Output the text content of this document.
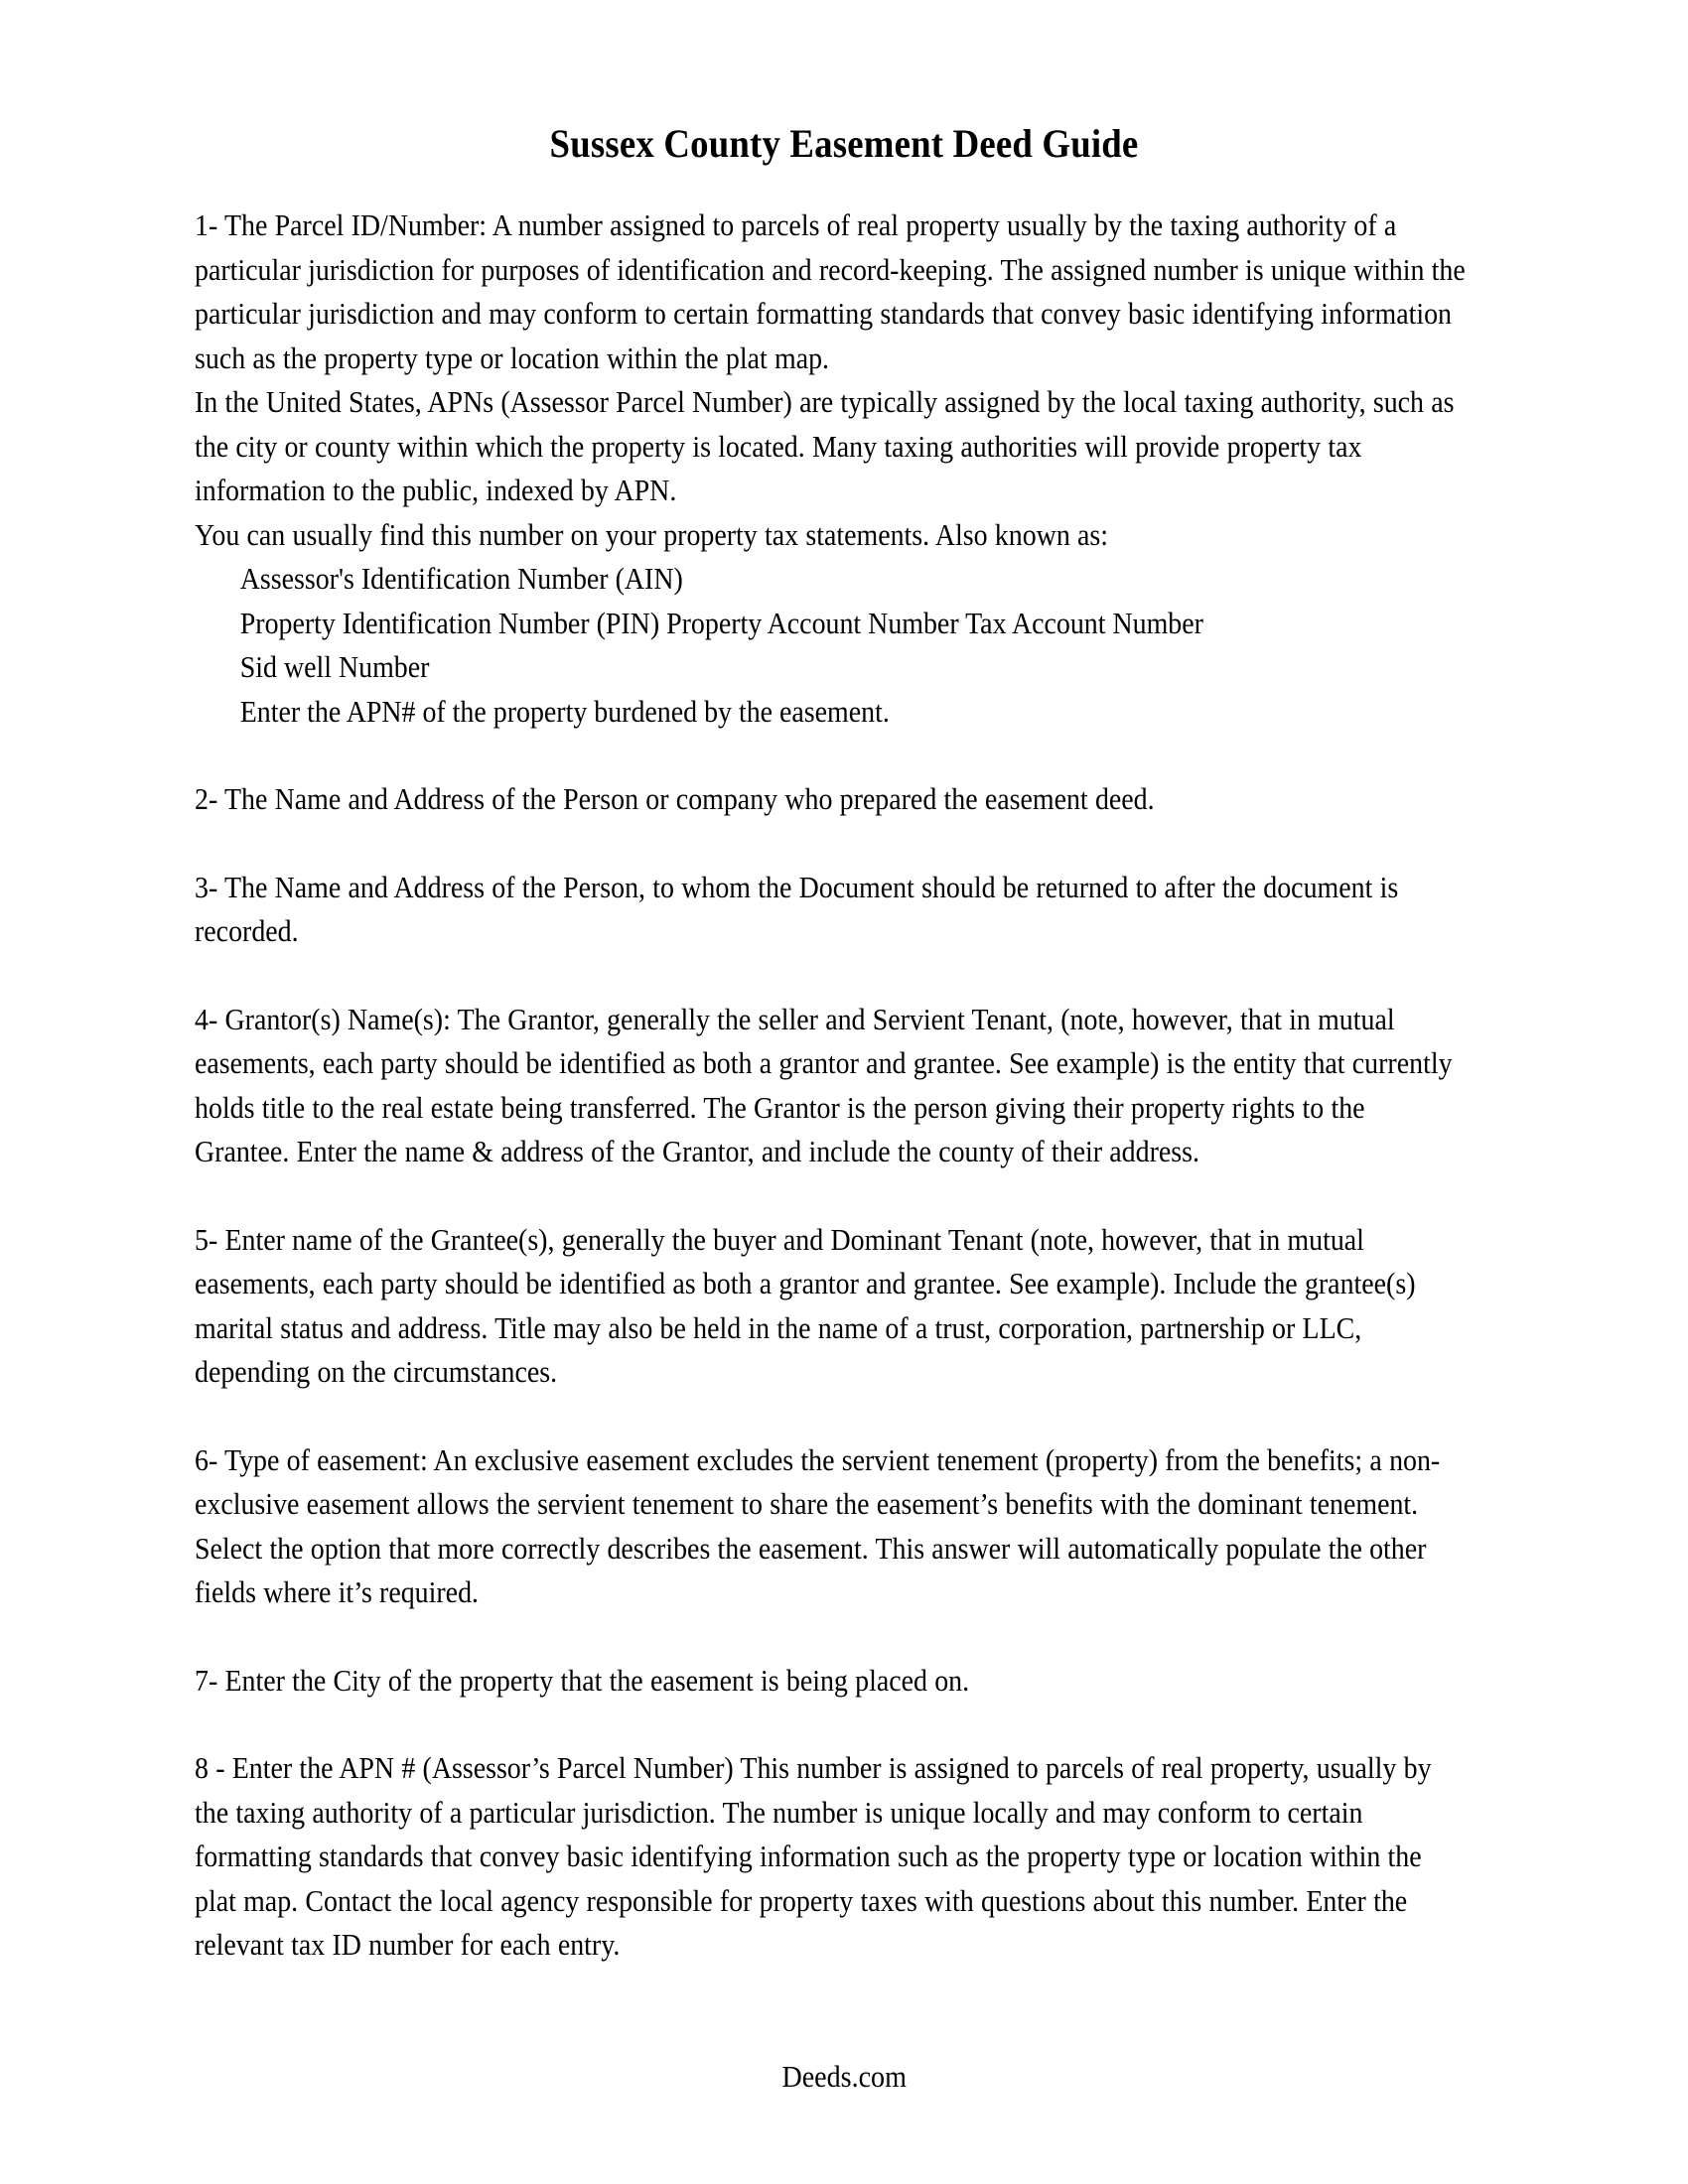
Sussex County Easement Deed Guide

1- The Parcel ID/Number: A number assigned to parcels of real property usually by the taxing authority of a particular jurisdiction for purposes of identification and record-keeping. The assigned number is unique within the particular jurisdiction and may conform to certain formatting standards that convey basic identifying information such as the property type or location within the plat map.

In the United States, APNs (Assessor Parcel Number) are typically assigned by the local taxing authority, such as the city or county within which the property is located. Many taxing authorities will provide property tax information to the public, indexed by APN.

You can usually find this number on your property tax statements. Also known as:

Assessor's Identification Number (AIN)
Property Identification Number (PIN) Property Account Number Tax Account Number
Sid well Number
Enter the APN# of the property burdened by the easement.

2- The Name and Address of the Person or company who prepared the easement deed.

3- The Name and Address of the Person, to whom the Document should be returned to after the document is recorded.

4- Grantor(s) Name(s): The Grantor, generally the seller and Servient Tenant, (note, however, that in mutual easements, each party should be identified as both a grantor and grantee. See example) is the entity that currently holds title to the real estate being transferred. The Grantor is the person giving their property rights to the Grantee. Enter the name & address of the Grantor, and include the county of their address.

5- Enter name of the Grantee(s), generally the buyer and Dominant Tenant (note, however, that in mutual easements, each party should be identified as both a grantor and grantee. See example). Include the grantee(s) marital status and address. Title may also be held in the name of a trust, corporation, partnership or LLC, depending on the circumstances.

6- Type of easement: An exclusive easement excludes the servient tenement (property) from the benefits; a non-exclusive easement allows the servient tenement to share the easement’s benefits with the dominant tenement. Select the option that more correctly describes the easement. This answer will automatically populate the other fields where it’s required.

7- Enter the City of the property that the easement is being placed on.

8 - Enter the APN # (Assessor’s Parcel Number) This number is assigned to parcels of real property, usually by the taxing authority of a particular jurisdiction. The number is unique locally and may conform to certain formatting standards that convey basic identifying information such as the property type or location within the plat map. Contact the local agency responsible for property taxes with questions about this number. Enter the relevant tax ID number for each entry.

Deeds.com
